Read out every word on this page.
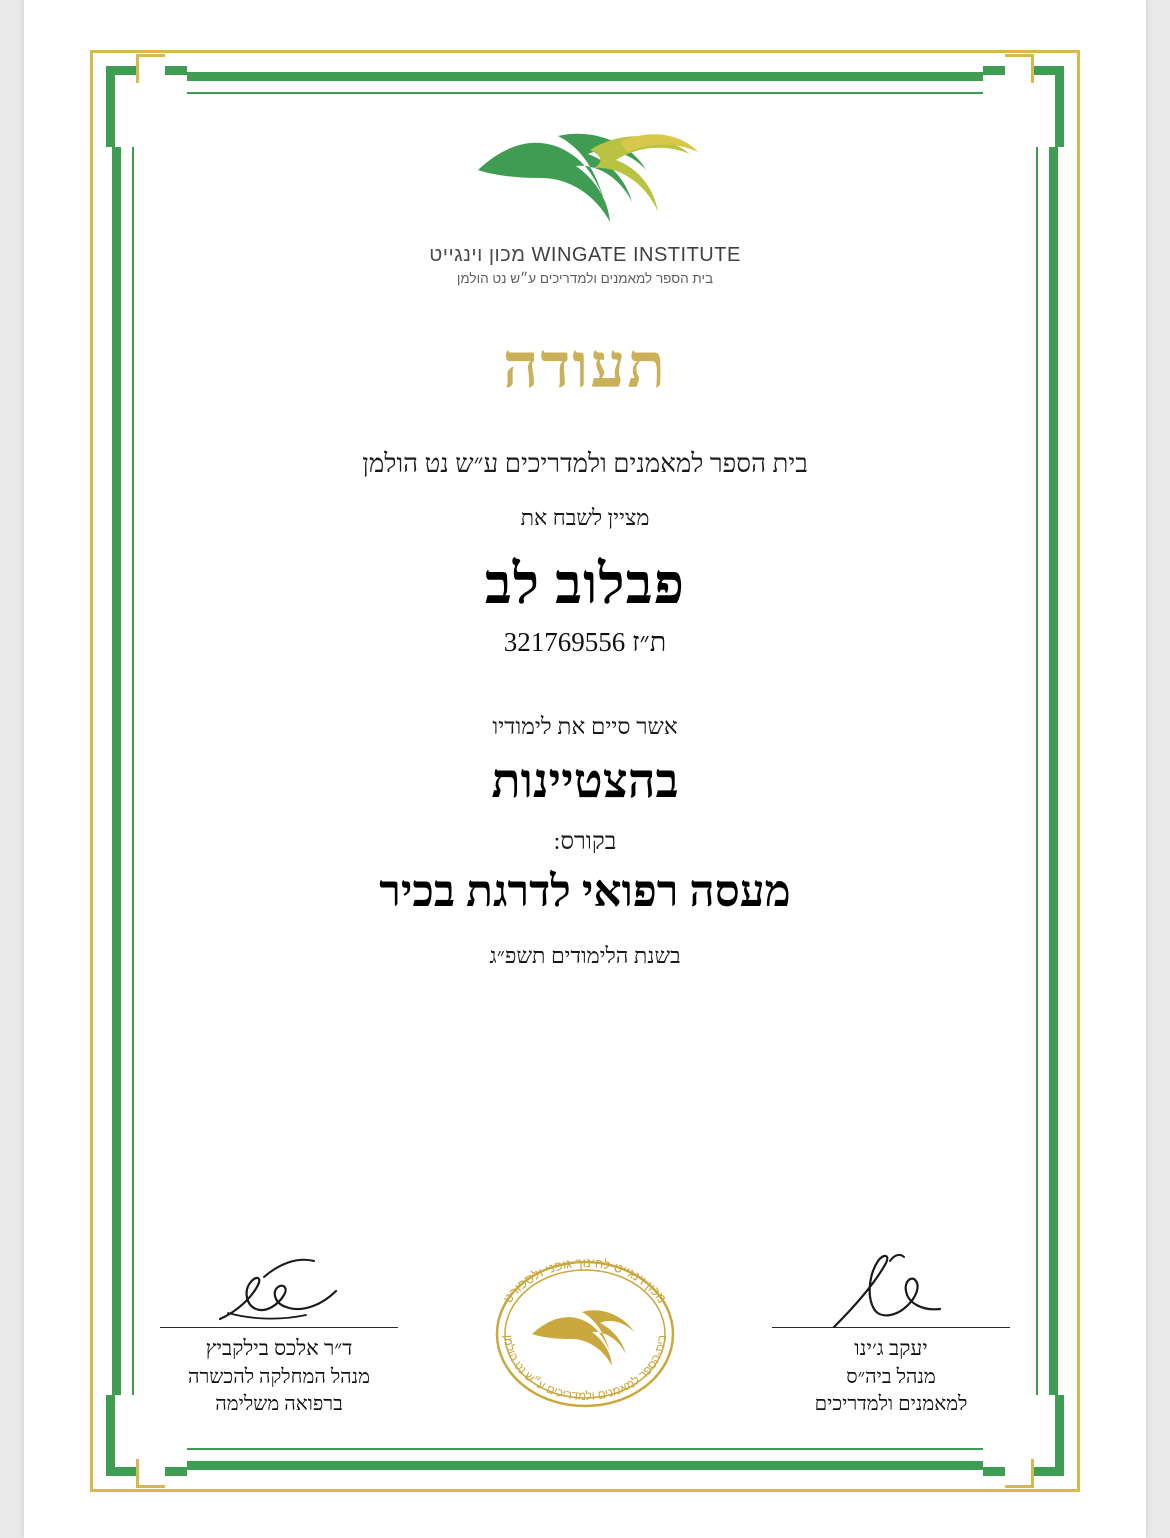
WINGATE INSTITUTE מכון וינגייט
בית הספר למאמנים ולמדריכים ע״ש נט הולמן
תעודה
בית הספר למאמנים ולמדריכים ע״ש נט הולמן
מציין לשבח את
פבלוב לב
ת״ז 321769556
אשר סיים את לימודיו
בהצטיינות
בקורס:
מעסה רפואי לדרגת בכיר
בשנת הלימודים תשפ״ג
יעקב ג׳ינו
מנהל ביה״ס
למאמנים ולמדריכים
מכון וינגייט לחינוך גופני ולספורט
בית-הספר למאמנים ולמדריכים ע״ש נט הולמן
ד״ר אלכס בילקביץ
מנהל המחלקה להכשרה
ברפואה משלימה
